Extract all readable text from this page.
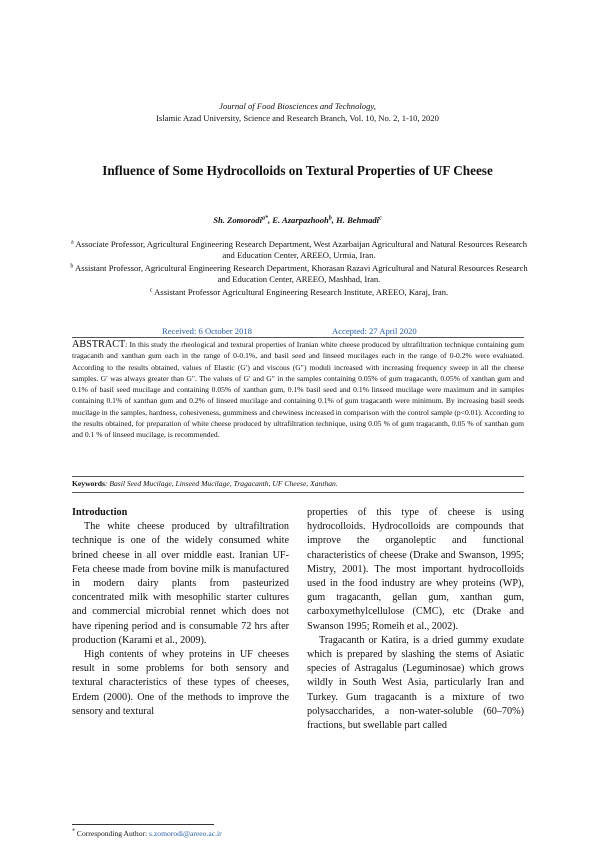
Journal of Food Biosciences and Technology,
Islamic Azad University, Science and Research Branch, Vol. 10, No. 2, 1-10, 2020
Influence of Some Hydrocolloids on Textural Properties of UF Cheese
Sh. Zomorodi$^{a*}$, E. Azarpazhooh$^b$, H. Behmadi$^c$
$^a$ Associate Professor, Agricultural Engineering Research Department, West Azarbaijan Agricultural and Natural Resources Research and Education Center, AREEO, Urmia, Iran.
$^b$ Assistant Professor, Agricultural Engineering Research Department, Khorasan Razavi Agricultural and Natural Resources Research and Education Center, AREEO, Mashhad, Iran.
$^c$ Assistant Professor Agricultural Engineering Research Institute, AREEO, Karaj, Iran.
Received: 6 October 2018	Accepted: 27 April 2020
ABSTRACT: In this study the rheological and textural properties of Iranian white cheese produced by ultrafiltration technique containing gum tragacanth and xanthan gum each in the range of 0-0.1%, and basil seed and linseed mucilages each in the range of 0-0.2% were evaluated. According to the results obtained, values of Elastic (G′) and viscous (G″) moduli increased with increasing frequency sweep in all the cheese samples. G′ was always greater than G″. The values of G′ and G″ in the samples containing 0.05% of gum tragacanth, 0.05% of xanthan gum and 0.1% of basil seed mucilage and containing 0.05% of xanthan gum, 0.1% basil seed and 0.1% linseed mucilage were maximum and in samples containing 0.1% of xanthan gum and 0.2% of linseed mucilage and containing 0.1% of gum tragacanth were minimum. By increasing basil seeds mucilage in the samples, hardness, cohesiveness, gumminess and chewiness increased in comparison with the control sample (p<0.01). According to the results obtained, for preparation of white cheese produced by ultrafiltration technique, using 0.05 % of gum tragacanth, 0.05 % of xanthan gum and 0.1 % of linseed mucilage, is recommended.
Keywords: Basil Seed Mucilage, Linseed Mucilage, Tragacanth, UF Cheese, Xanthan.
Introduction

The white cheese produced by ultrafiltration technique is one of the widely consumed white brined cheese in all over middle east. Iranian UF-Feta cheese made from bovine milk is manufactured in modern dairy plants from pasteurized concentrated milk with mesophilic starter cultures and commercial microbial rennet which does not have ripening period and is consumable 72 hrs after production (Karami et al., 2009).

High contents of whey proteins in UF cheeses result in some problems for both sensory and textural characteristics of these types of cheeses, Erdem (2000). One of the methods to improve the sensory and textural

properties of this type of cheese is using hydrocolloids. Hydrocolloids are compounds that improve the organoleptic and functional characteristics of cheese (Drake and Swanson, 1995; Mistry, 2001). The most important hydrocolloids used in the food industry are whey proteins (WP), gum tragacanth, gellan gum, xanthan gum, carboxymethylcellulose (CMC), etc (Drake and Swanson 1995; Romeih et al., 2002).

Tragacanth or Katira, is a dried gummy exudate which is prepared by slashing the stems of Asiatic species of Astragalus (Leguminosae) which grows wildly in South West Asia, particularly Iran and Turkey. Gum tragacanth is a mixture of two polysaccharides, a non-water-soluble (60–70%) fractions, but swellable part called

* Corresponding Author: s.zomorodi@areeo.ac.ir
